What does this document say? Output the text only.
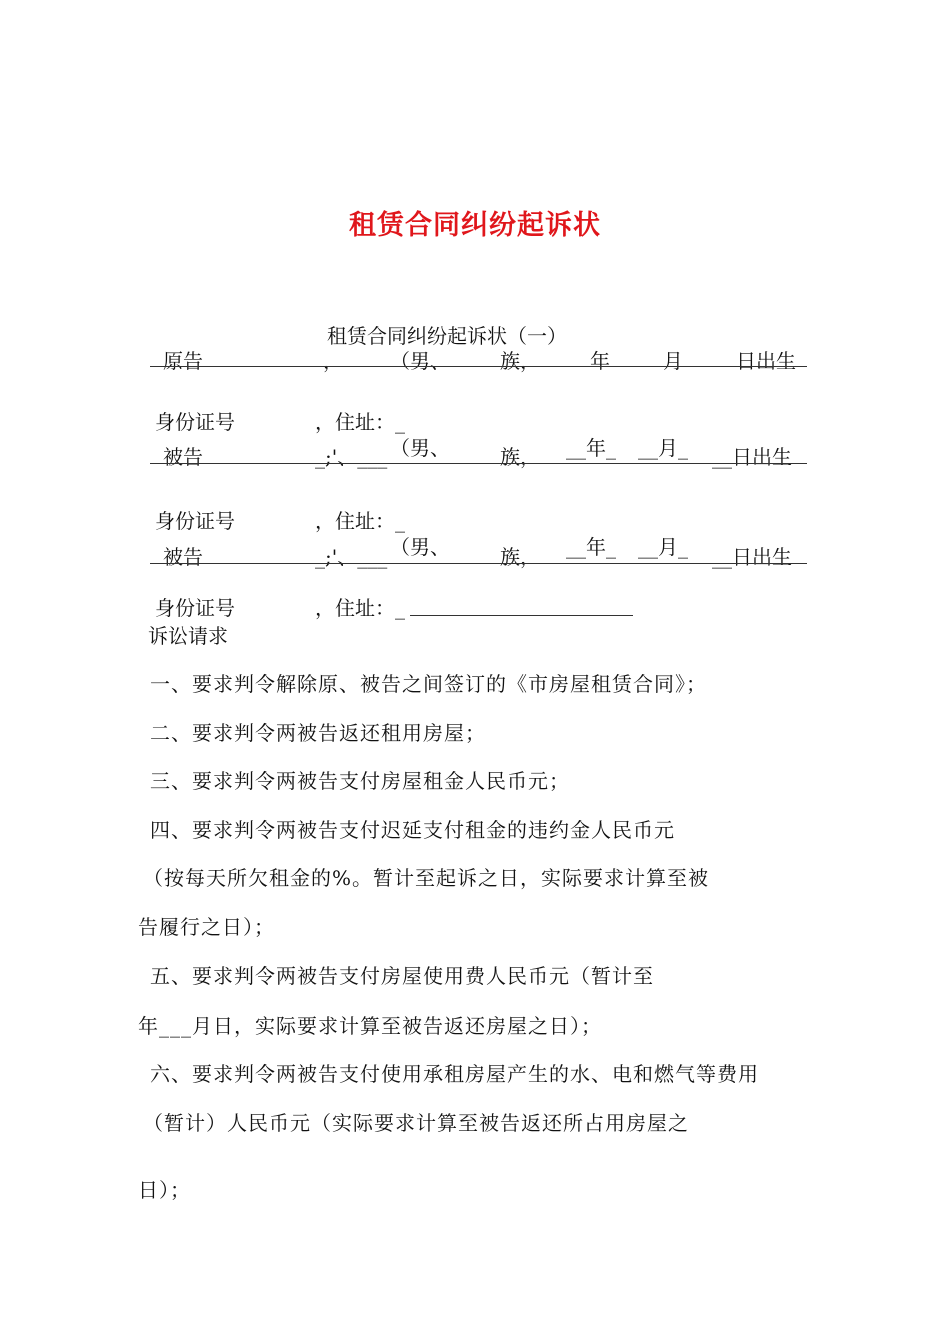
租赁合同纠纷起诉状
租赁合同纠纷起诉状（一）
原告	， （男、	族，	年	月	日出生
身份证号	，住址：_
被告	_;'、___ （男、	族， __年_ __月_ __日出生
身份证号	，住址：_
被告	_;'、___ （男、	族， __年_ __月_ __日出生
身份证号	，住址：_
诉讼请求
一、要求判令解除原、被告之间签订的《市房屋租赁合同》；
二、要求判令两被告返还租用房屋；
三、要求判令两被告支付房屋租金人民币元；
四、要求判令两被告支付迟延支付租金的违约金人民币元
（按每天所欠租金的%。暂计至起诉之日，实际要求计算至被
告履行之日）；
五、要求判令两被告支付房屋使用费人民币元（暂计至
年___月日，实际要求计算至被告返还房屋之日）；
六、要求判令两被告支付使用承租房屋产生的水、电和燃气等费用
（暂计）人民币元（实际要求计算至被告返还所占用房屋之
日）；
